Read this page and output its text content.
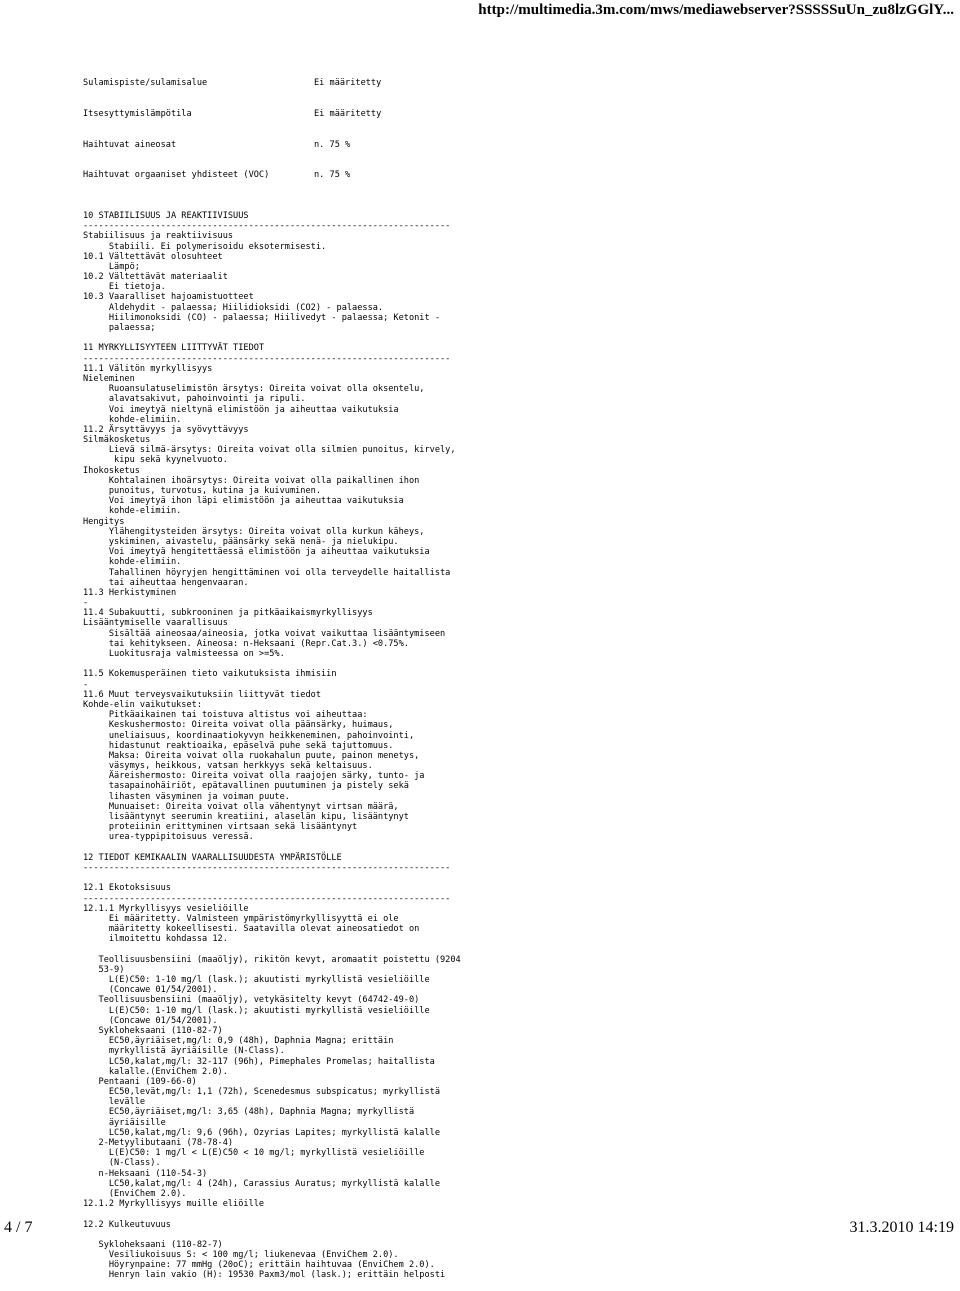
http://multimedia.3m.com/mws/mediawebserver?SSSSSuUn_zu8lzGGlY...

Sulamispiste/sulamisalue	Ei määritetty

Itsesyttymislämpötila	Ei määritetty

Haihtuvat aineosat	n. 75 %

Haihtuvat orgaaniset yhdisteet (VOC)	n. 75 %

10 STABIILISUUS JA REAKTIIVISUUS
-----------------------------------------------------------------------
Stabiilisuus ja reaktiivisuus
Stabiili. Ei polymerisoidu eksotermisesti.
10.1 Vältettävät olosuhteet
Lämpö;
10.2 Vältettävät materiaalit
Ei tietoja.
10.3 Vaaralliset hajoamistuotteet
Aldehydit - palaessa; Hiilidioksidi (CO2) - palaessa.
Hiilimonoksidi (CO) - palaessa; Hiilivedyt - palaessa; Ketonit -
palaessa;
11 MYRKYLLISYYTEEN LIITTYVÄT TIEDOT
-----------------------------------------------------------------------
11.1 Välitön myrkyllisyys
Nieleminen
Ruoansulatuselimistön ärsytys: Oireita voivat olla oksentelu,
alavatsakivut, pahoinvointi ja ripuli.
Voi imeytyä nieltynä elimistöön ja aiheuttaa vaikutuksia
kohde-elimiin.
11.2 Ärsyttävyys ja syövyttävyys
Silmäkosketus
Lievä silmä-ärsytys: Oireita voivat olla silmien punoitus, kirvely,
kipu sekä kyynelvuoto.
Ihokosketus
Kohtalainen ihoärsytys: Oireita voivat olla paikallinen ihon
punoitus, turvotus, kutina ja kuivuminen.
Voi imeytyä ihon läpi elimistöön ja aiheuttaa vaikutuksia
kohde-elimiin.
Hengitys
Ylähengitysteiden ärsytys: Oireita voivat olla kurkun käheys,
yskiminen, aivastelu, päänsärky sekä nenä- ja nielukipu.
Voi imeytyä hengitettäessä elimistöön ja aiheuttaa vaikutuksia
kohde-elimiin.
Tahallinen höyryjen hengittäminen voi olla terveydelle haitallista
tai aiheuttaa hengenvaaran.
11.3 Herkistyminen
-
11.4 Subakuutti, subkrooninen ja pitkäaikaismyrkyllisyys
Lisääntymiselle vaarallisuus
Sisältää aineosaa/aineosia, jotka voivat vaikuttaa lisääntymiseen
tai kehitykseen. Aineosa: n-Heksaani (Repr.Cat.3.) <0.75%.
Luokitusraja valmisteessa on >=5%.
11.5 Kokemusperäinen tieto vaikutuksista ihmisiin
-
11.6 Muut terveysvaikutuksiin liittyvät tiedot
Kohde-elin vaikutukset:
Pitkäaikainen tai toistuva altistus voi aiheuttaa:
Keskushermosto: Oireita voivat olla päänsärky, huimaus,
uneliaisuus, koordinaatiokyvyn heikkeneminen, pahoinvointi,
hidastunut reaktioaika, epäselvä puhe sekä tajuttomuus.
Maksa: Oireita voivat olla ruokahalun puute, painon menetys,
väsymys, heikkous, vatsan herkkyys sekä keltaisuus.
Ääreishermosto: Oireita voivat olla raajojen särky, tunto- ja
tasapainohäiriöt, epätavallinen puutuminen ja pistely sekä
lihasten väsyminen ja voiman puute.
Munuaiset: Oireita voivat olla vähentynyt virtsan määrä,
lisääntynyt seerumin kreatiini, alaselän kipu, lisääntynyt
proteiinin erittyminen virtsaan sekä lisääntynyt
urea-typpipitoisuus veressä.
12 TIEDOT KEMIKAALIN VAARALLISUUDESTA YMPÄRISTÖLLE
-----------------------------------------------------------------------
12.1 Ekotoksisuus
-----------------------------------------------------------------------
12.1.1 Myrkyllisyys vesieliöille
Ei määritetty. Valmisteen ympäristömyrkyllisyyttä ei ole
määritetty kokeellisesti. Saatavilla olevat aineosatiedot on
ilmoitettu kohdassa 12.
Teollisuusbensiini (maaöljy), rikitön kevyt, aromaatit poistettu (9204
53-9)
L(E)C50: 1-10 mg/l (lask.); akuutisti myrkyllistä vesieliöille
(Concawe 01/54/2001).
Teollisuusbensiini (maaöljy), vetykäsitelty kevyt (64742-49-0)
L(E)C50: 1-10 mg/l (lask.); akuutisti myrkyllistä vesieliöille
(Concawe 01/54/2001).
Sykloheksaani (110-82-7)
EC50,äyriäiset,mg/l: 0,9 (48h), Daphnia Magna; erittäin
myrkyllistä äyriäisille (N-Class).
LC50,kalat,mg/l: 32-117 (96h), Pimephales Promelas; haitallista
kalalle.(EnviChem 2.0).
Pentaani (109-66-0)
EC50,levät,mg/l: 1,1 (72h), Scenedesmus subspicatus; myrkyllistä
levälle
EC50,äyriäiset,mg/l: 3,65 (48h), Daphnia Magna; myrkyllistä
äyriäisille
LC50,kalat,mg/l: 9,6 (96h), Ozyrias Lapites; myrkyllistä kalalle
2-Metyylibutaani (78-78-4)
L(E)C50: 1 mg/l < L(E)C50 < 10 mg/l; myrkyllistä vesieliöille
(N-Class).
n-Heksaani (110-54-3)
LC50,kalat,mg/l: 4 (24h), Carassius Auratus; myrkyllistä kalalle
(EnviChem 2.0).
12.1.2 Myrkyllisyys muille eliöille
12.2 Kulkeutuvuus
Sykloheksaani (110-82-7)
Vesiliukoisuus S: < 100 mg/l; liukenevaa (EnviChem 2.0).
Höyrynpaine: 77 mmHg (20oC); erittäin haihtuvaa (EnviChem 2.0).
Henryn lain vakio (H): 19530 Paxm3/mol (lask.); erittäin helposti

4 / 7	31.3.2010 14:19
